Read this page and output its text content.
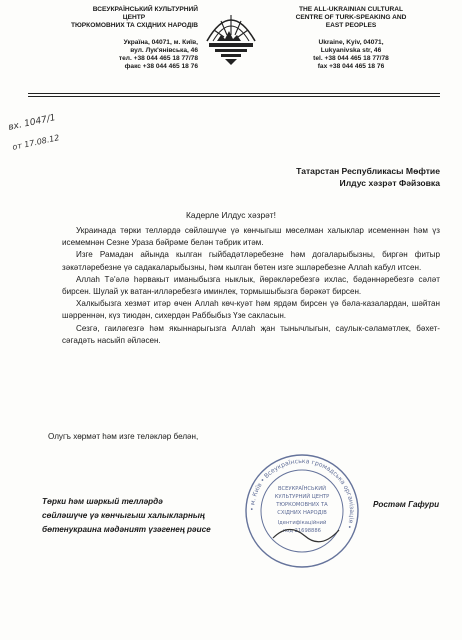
ВСЕУКРАЇНСЬКИЙ КУЛЬТУРНИЙ
ЦЕНТР
ТЮРКОМОВНИХ ТА СХІДНИХ НАРОДІВ
Україна, 04071, м. Київ,
вул. Лук'янівська, 46
тел. +38 044 465 18 77/78
факс +38 044 465 18 76
THE ALL-UKRAINIAN CULTURAL
CENTRE OF TURK-SPEAKING AND
EAST PEOPLES
Ukraine, Kyiv, 04071,
Lukyanivska str, 46
tel. +38 044 465 18 77/78
fax +38 044 465 18 76
вх. 1047/1
от 17.08.12
Татарстан Республикасы Мөфтие
Илдус хәзрәт Фәйзовка
Кадерле Илдус хәзрәт!

Украинада төрки телләрдә сөйләшүче үә көнчыгыш мөселман халыклар исеменнән һәм үз исемемнән Сезне Ураза бәйрәме белән тәбрик итәм.

Изге Рамадан айында кылган гыйбадәтләребезне һәм догаларыбызны, биргән фитыр зәкәтләребезне үә садакаларыбызны, һәм кылган бөтен изге эшләребезне Аллаһ кабул итсен.

Аллаһ Тә'әлә һәрвакыт иманыбызга ныклык, йөрәкләребезгә ихлас, бәдәннәребезгә сәләт бирсен. Шулай ук ватан-илләребезгә иминлек, тормышыбызга бәрәкәт бирсен.

Халкыбызга хезмәт итәр өчен Аллаһ көч-куәт һәм ярдәм бирсен үә бәла-казалардан, шәйтан шәрреннән, күз тиюдән, сихердән Раббыбыз Үзе сакласын.

Сезгә, гаиләгезгә һәм якыннарыгызга Аллаһ җан тынычлыгын, саулык-сәламәтлек, бәхет-сәгадәть насыйп әйләсен.

Олугъ хөрмәт һәм изге теләкләр белән,
Төрки һәм шәркый телләрдә
сөйләшүче үә көнчыгыш халыкларның
бөтенукраина мәдәният үзәгенең рәисе
Ростәм Гафури
• м. Київ • Всеукраїнська громадська організація •
ВСЕУКРАЇНСЬКИЙ
КУЛЬТУРНИЙ ЦЕНТР
ТЮРКОМОВНИХ ТА
СХІДНИХ НАРОДІВ
Ідентифікаційний
код 21698886
